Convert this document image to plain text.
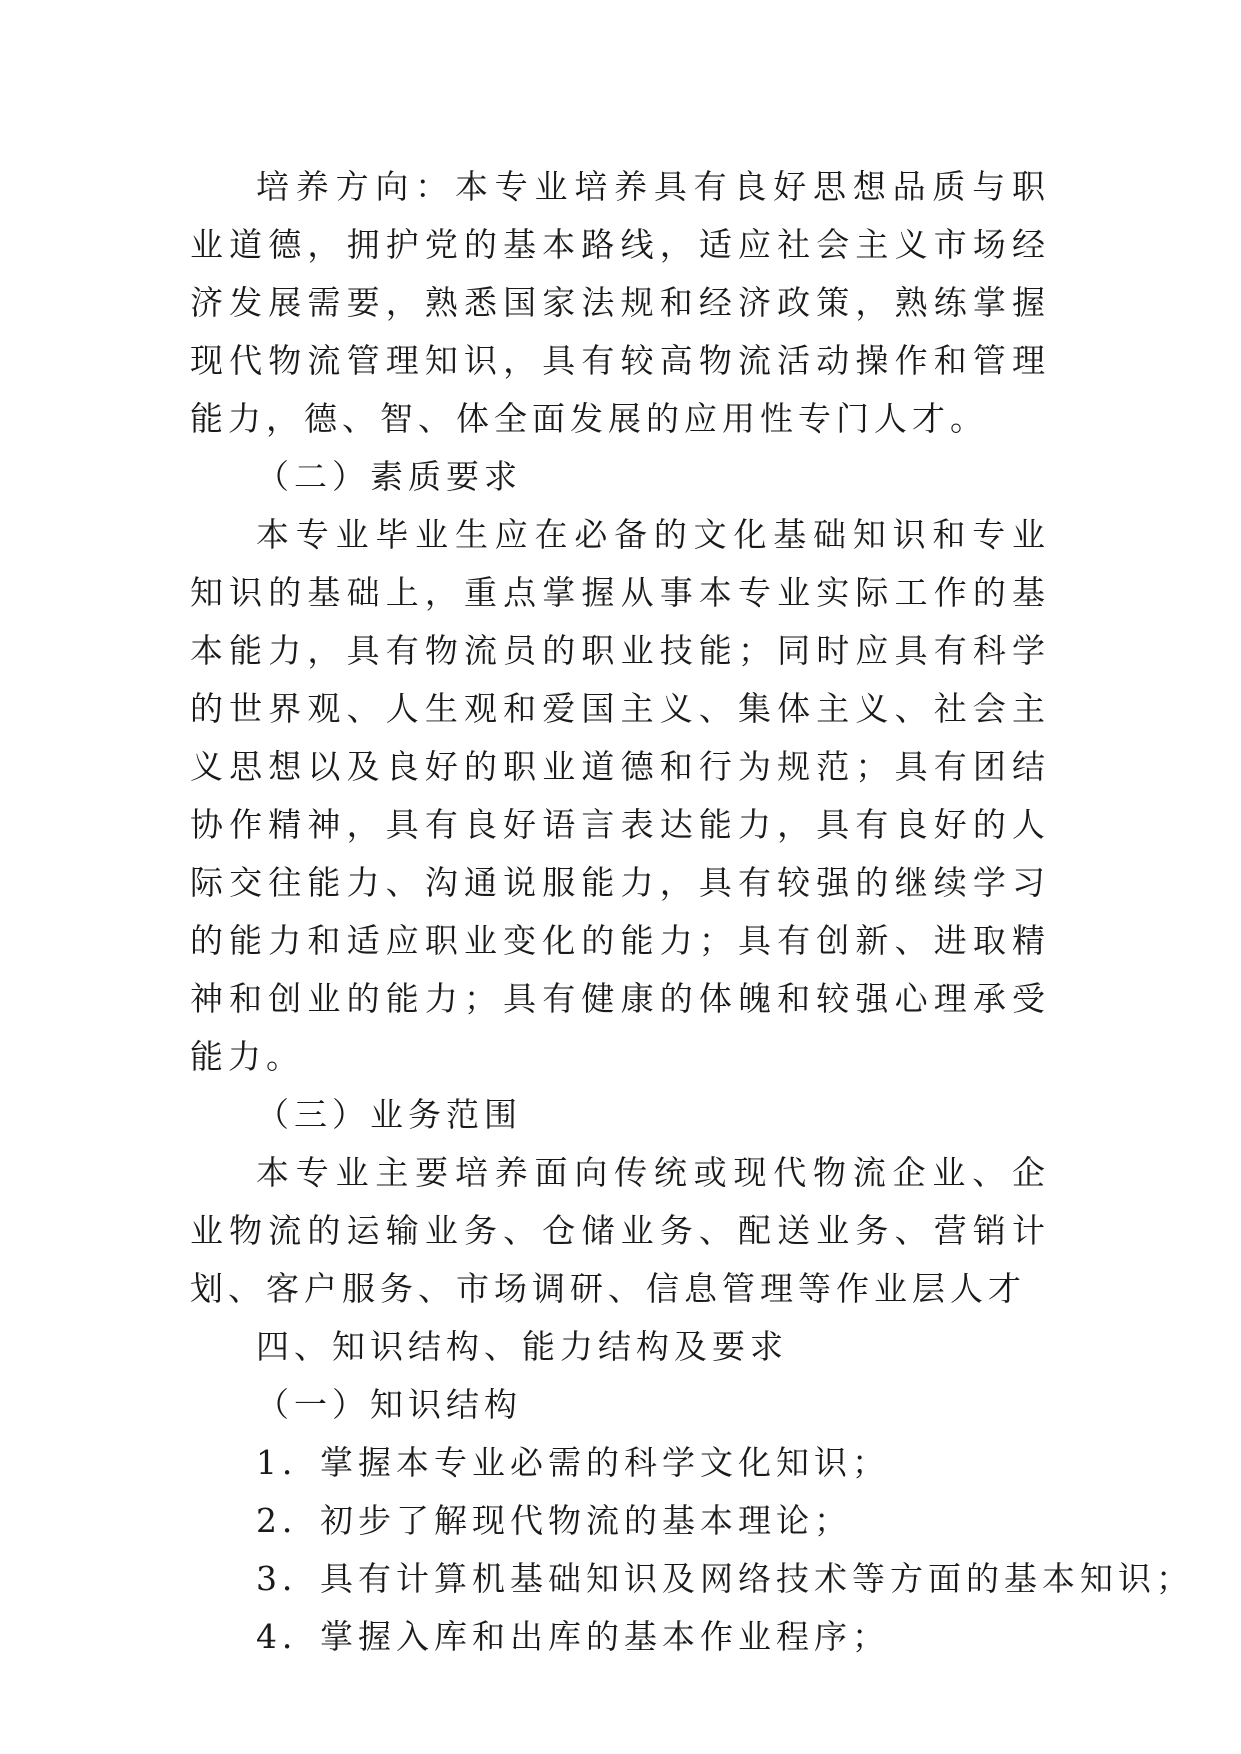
培养方向：本专业培养具有良好思想品质与职业道德，拥护党的基本路线，适应社会主义市场经济发展需要，熟悉国家法规和经济政策，熟练掌握现代物流管理知识，具有较高物流活动操作和管理能力，德、智、体全面发展的应用性专门人才。

（二）素质要求

本专业毕业生应在必备的文化基础知识和专业知识的基础上，重点掌握从事本专业实际工作的基本能力，具有物流员的职业技能；同时应具有科学的世界观、人生观和爱国主义、集体主义、社会主义思想以及良好的职业道德和行为规范；具有团结协作精神，具有良好语言表达能力，具有良好的人际交往能力、沟通说服能力，具有较强的继续学习的能力和适应职业变化的能力；具有创新、进取精神和创业的能力；具有健康的体魄和较强心理承受能力。

（三）业务范围

本专业主要培养面向传统或现代物流企业、企业物流的运输业务、仓储业务、配送业务、营销计划、客户服务、市场调研、信息管理等作业层人才

四、知识结构、能力结构及要求

（一）知识结构

1．掌握本专业必需的科学文化知识；

2．初步了解现代物流的基本理论；

3．具有计算机基础知识及网络技术等方面的基本知识；

4．掌握入库和出库的基本作业程序；
